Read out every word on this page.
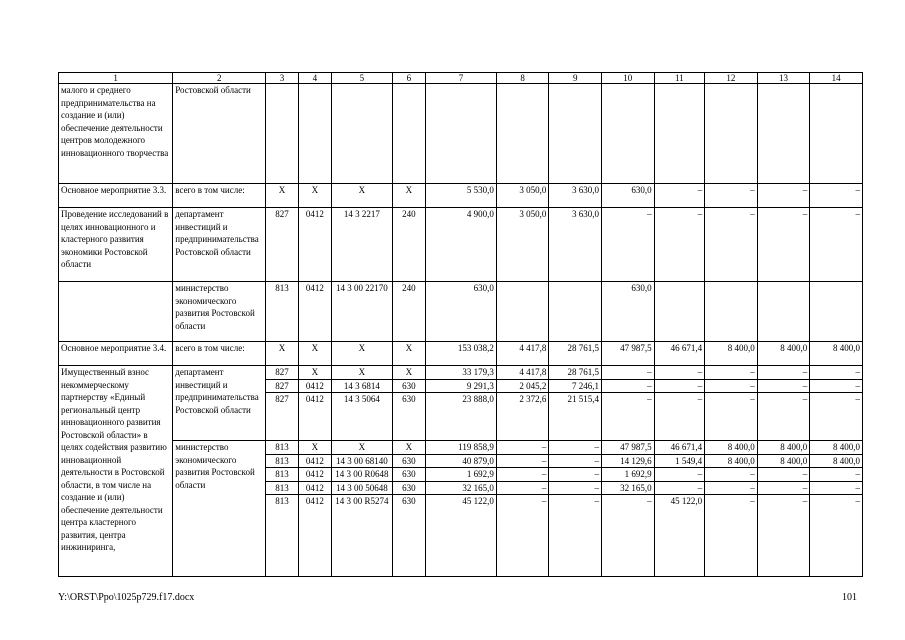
1	2	3	4	5	6	7	8	9	10	11	12	13	14
малого и среднего предпринимательства на создание и (или) обеспечение деятельности центров молодежного инновационного творчества	Ростовской области												
Основное мероприятие 3.3.	всего в том числе:	X	X	X	X	5 530,0	3 050,0	3 630,0	630,0	–	–	–	–
Проведение исследований в целях инновационного и кластерного развития экономики Ростовской области	департамент инвестиций и предпринимательства Ростовской области	827	0412	14 3 2217	240	4 900,0	3 050,0	3 630,0	–	–	–	–	–
	министерство экономического развития Ростовской области	813	0412	14 3 00 22170	240	630,0			630,0				
Основное мероприятие 3.4.	всего в том числе:	X	X	X	X	153 038,2	4 417,8	28 761,5	47 987,5	46 671,4	8 400,0	8 400,0	8 400,0
Имущественный взнос некоммерческому партнерству «Единый региональный центр инновационного развития Ростовской области» в целях содействия развитию инновационной деятельности в Ростовской области, в том числе на создание и (или) обеспечение деятельности центра кластерного развития, центра инжиниринга,	департамент инвестиций и предпринимательства Ростовской области	827	X	X	X	33 179,3	4 417,8	28 761,5	–	–	–	–	–
		827	0412	14 3 6814	630	9 291,3	2 045,2	7 246,1	–	–	–	–	–
		827	0412	14 3 5064	630	23 888,0	2 372,6	21 515,4	–	–	–	–	–
	министерство экономического развития Ростовской области	813	X	X	X	119 858,9	–	–	47 987,5	46 671,4	8 400,0	8 400,0	8 400,0
		813	0412	14 3 00 68140	630	40 879,0	–	–	14 129,6	1 549,4	8 400,0	8 400,0	8 400,0
		813	0412	14 3 00 R0648	630	1 692,9	–	–	1 692,9	–	–	–	–
		813	0412	14 3 00 50648	630	32 165,0	–	–	32 165,0	–	–	–	–
		813	0412	14 3 00 R5274	630	45 122,0	–	–	–	45 122,0	–	–	–
Y:\ORST\Ppo\1025p729.f17.docx	101
